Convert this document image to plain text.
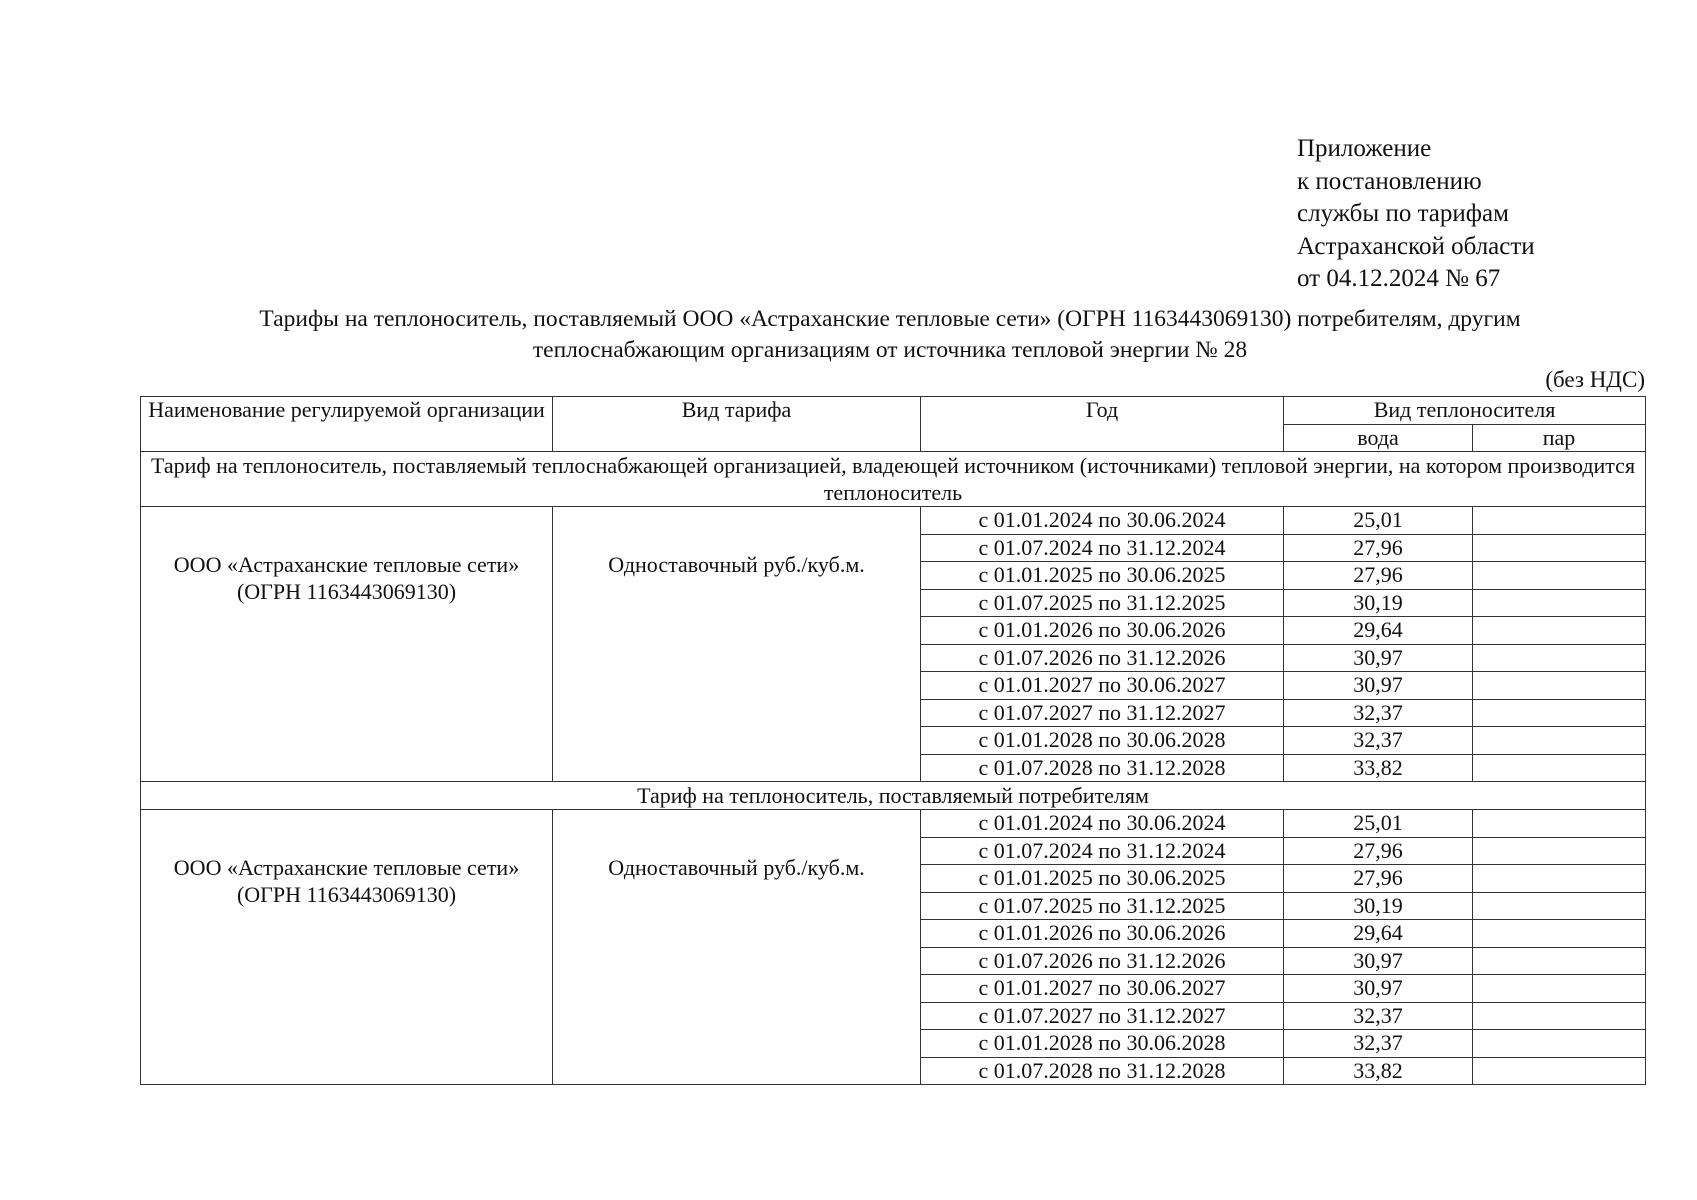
Приложение
к постановлению
службы по тарифам
Астраханской области
от 04.12.2024 № 67
Тарифы на теплоноситель, поставляемый ООО «Астраханские тепловые сети» (ОГРН 1163443069130) потребителям, другим
теплоснабжающим организациям от источника тепловой энергии № 28
(без НДС)
Наименование регулируемой организации	Вид тарифа	Год	Вид теплоносителя	
			вода	пар
Тариф на теплоноситель, поставляемый теплоснабжающей организацией, владеющей источником (источниками) тепловой энергии, на котором производится теплоноситель				

ООО «Астраханские тепловые сети»
(ОГРН 1163443069130)	Одноставочный руб./куб.м.	с 01.01.2024 по 30.06.2024	25,01	
		с 01.07.2024 по 31.12.2024	27,96	
		с 01.01.2025 по 30.06.2025	27,96	
		с 01.07.2025 по 31.12.2025	30,19	
		с 01.01.2026 по 30.06.2026	29,64	
		с 01.07.2026 по 31.12.2026	30,97	
		с 01.01.2027 по 30.06.2027	30,97	
		с 01.07.2027 по 31.12.2027	32,37	
		с 01.01.2028 по 30.06.2028	32,37	
		с 01.07.2028 по 31.12.2028	33,82	
Тариф на теплоноситель, поставляемый потребителям				

ООО «Астраханские тепловые сети»
(ОГРН 1163443069130)	Одноставочный руб./куб.м.	с 01.01.2024 по 30.06.2024	25,01	
		с 01.07.2024 по 31.12.2024	27,96	
		с 01.01.2025 по 30.06.2025	27,96	
		с 01.07.2025 по 31.12.2025	30,19	
		с 01.01.2026 по 30.06.2026	29,64	
		с 01.07.2026 по 31.12.2026	30,97	
		с 01.01.2027 по 30.06.2027	30,97	
		с 01.07.2027 по 31.12.2027	32,37	
		с 01.01.2028 по 30.06.2028	32,37	
		с 01.07.2028 по 31.12.2028	33,82	
